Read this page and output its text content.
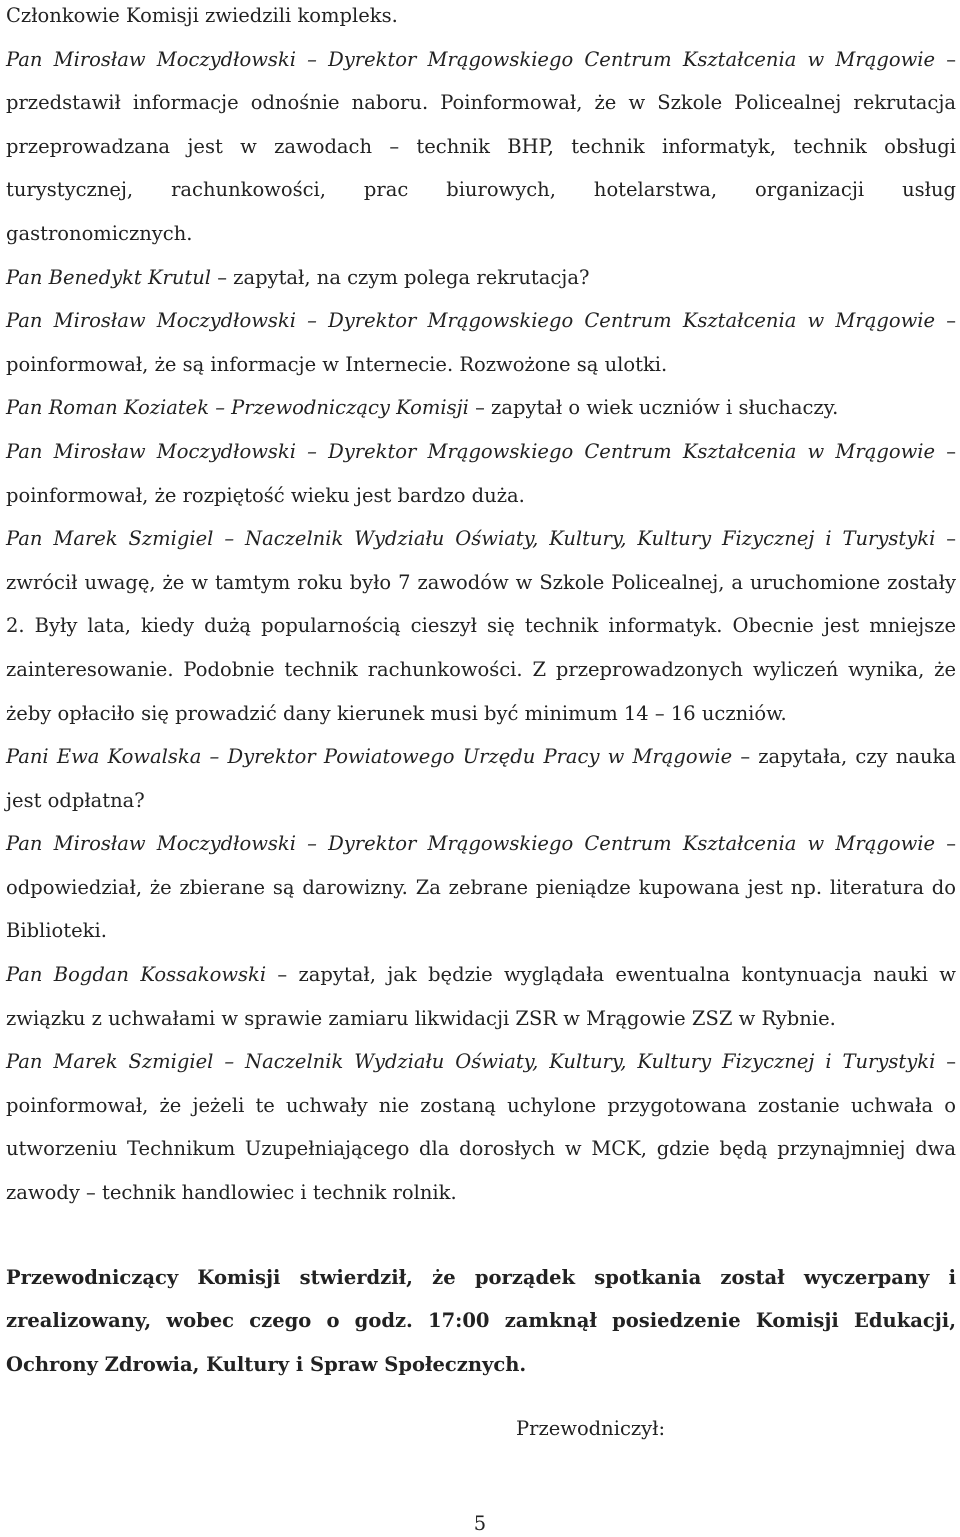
Członkowie Komisji zwiedzili kompleks.

Pan Mirosław Moczydłowski – Dyrektor Mrągowskiego Centrum Kształcenia w Mrągowie – przedstawił informacje odnośnie naboru. Poinformował, że w Szkole Policealnej rekrutacja przeprowadzana jest w zawodach – technik BHP, technik informatyk, technik obsługi turystycznej, rachunkowości, prac biurowych, hotelarstwa, organizacji usług gastronomicznych.

Pan Benedykt Krutul – zapytał, na czym polega rekrutacja?

Pan Mirosław Moczydłowski – Dyrektor Mrągowskiego Centrum Kształcenia w Mrągowie – poinformował, że są informacje w Internecie. Rozwożone są ulotki.

Pan Roman Koziatek – Przewodniczący Komisji – zapytał o wiek uczniów i słuchaczy.

Pan Mirosław Moczydłowski – Dyrektor Mrągowskiego Centrum Kształcenia w Mrągowie – poinformował, że rozpiętość wieku jest bardzo duża.

Pan Marek Szmigiel – Naczelnik Wydziału Oświaty, Kultury, Kultury Fizycznej i Turystyki – zwrócił uwagę, że w tamtym roku było 7 zawodów w Szkole Policealnej, a uruchomione zostały 2. Były lata, kiedy dużą popularnością cieszył się technik informatyk. Obecnie jest mniejsze zainteresowanie. Podobnie technik rachunkowości. Z przeprowadzonych wyliczeń wynika, że żeby opłaciło się prowadzić dany kierunek musi być minimum 14 – 16 uczniów.

Pani Ewa Kowalska – Dyrektor Powiatowego Urzędu Pracy w Mrągowie – zapytała, czy nauka jest odpłatna?

Pan Mirosław Moczydłowski – Dyrektor Mrągowskiego Centrum Kształcenia w Mrągowie – odpowiedział, że zbierane są darowizny. Za zebrane pieniądze kupowana jest np. literatura do Biblioteki.

Pan Bogdan Kossakowski – zapytał, jak będzie wyglądała ewentualna kontynuacja nauki w związku z uchwałami w sprawie zamiaru likwidacji ZSR w Mrągowie ZSZ w Rybnie.

Pan Marek Szmigiel – Naczelnik Wydziału Oświaty, Kultury, Kultury Fizycznej i Turystyki – poinformował, że jeżeli te uchwały nie zostaną uchylone przygotowana zostanie uchwała o utworzeniu Technikum Uzupełniającego dla dorosłych w MCK, gdzie będą przynajmniej dwa zawody – technik handlowiec i technik rolnik.

Przewodniczący Komisji stwierdził, że porządek spotkania został wyczerpany i zrealizowany, wobec czego o godz. 17:00 zamknął posiedzenie Komisji Edukacji, Ochrony Zdrowia, Kultury i Spraw Społecznych.

Przewodniczył:
5
